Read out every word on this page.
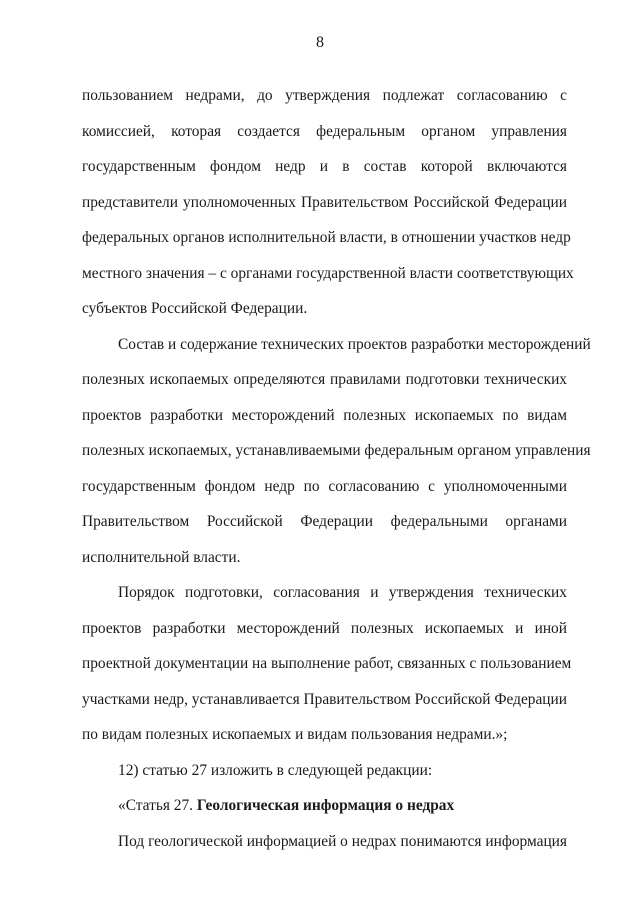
8
пользованием недрами, до утверждения подлежат согласованию с
комиссией, которая создается федеральным органом управления
государственным фондом недр и в состав которой включаются
представители уполномоченных Правительством Российской Федерации
федеральных органов исполнительной власти, в отношении участков недр
местного значения – с органами государственной власти соответствующих
субъектов Российской Федерации.
Состав и содержание технических проектов разработки месторождений
полезных ископаемых определяются правилами подготовки технических
проектов разработки месторождений полезных ископаемых по видам
полезных ископаемых, устанавливаемыми федеральным органом управления
государственным фондом недр по согласованию с уполномоченными
Правительством Российской Федерации федеральными органами
исполнительной власти.
Порядок подготовки, согласования и утверждения технических
проектов разработки месторождений полезных ископаемых и иной
проектной документации на выполнение работ, связанных с пользованием
участками недр, устанавливается Правительством Российской Федерации
по видам полезных ископаемых и видам пользования недрами.»;
12) статью 27 изложить в следующей редакции:
«Статья 27. Геологическая информация о недрах
Под геологической информацией о недрах понимаются информация
